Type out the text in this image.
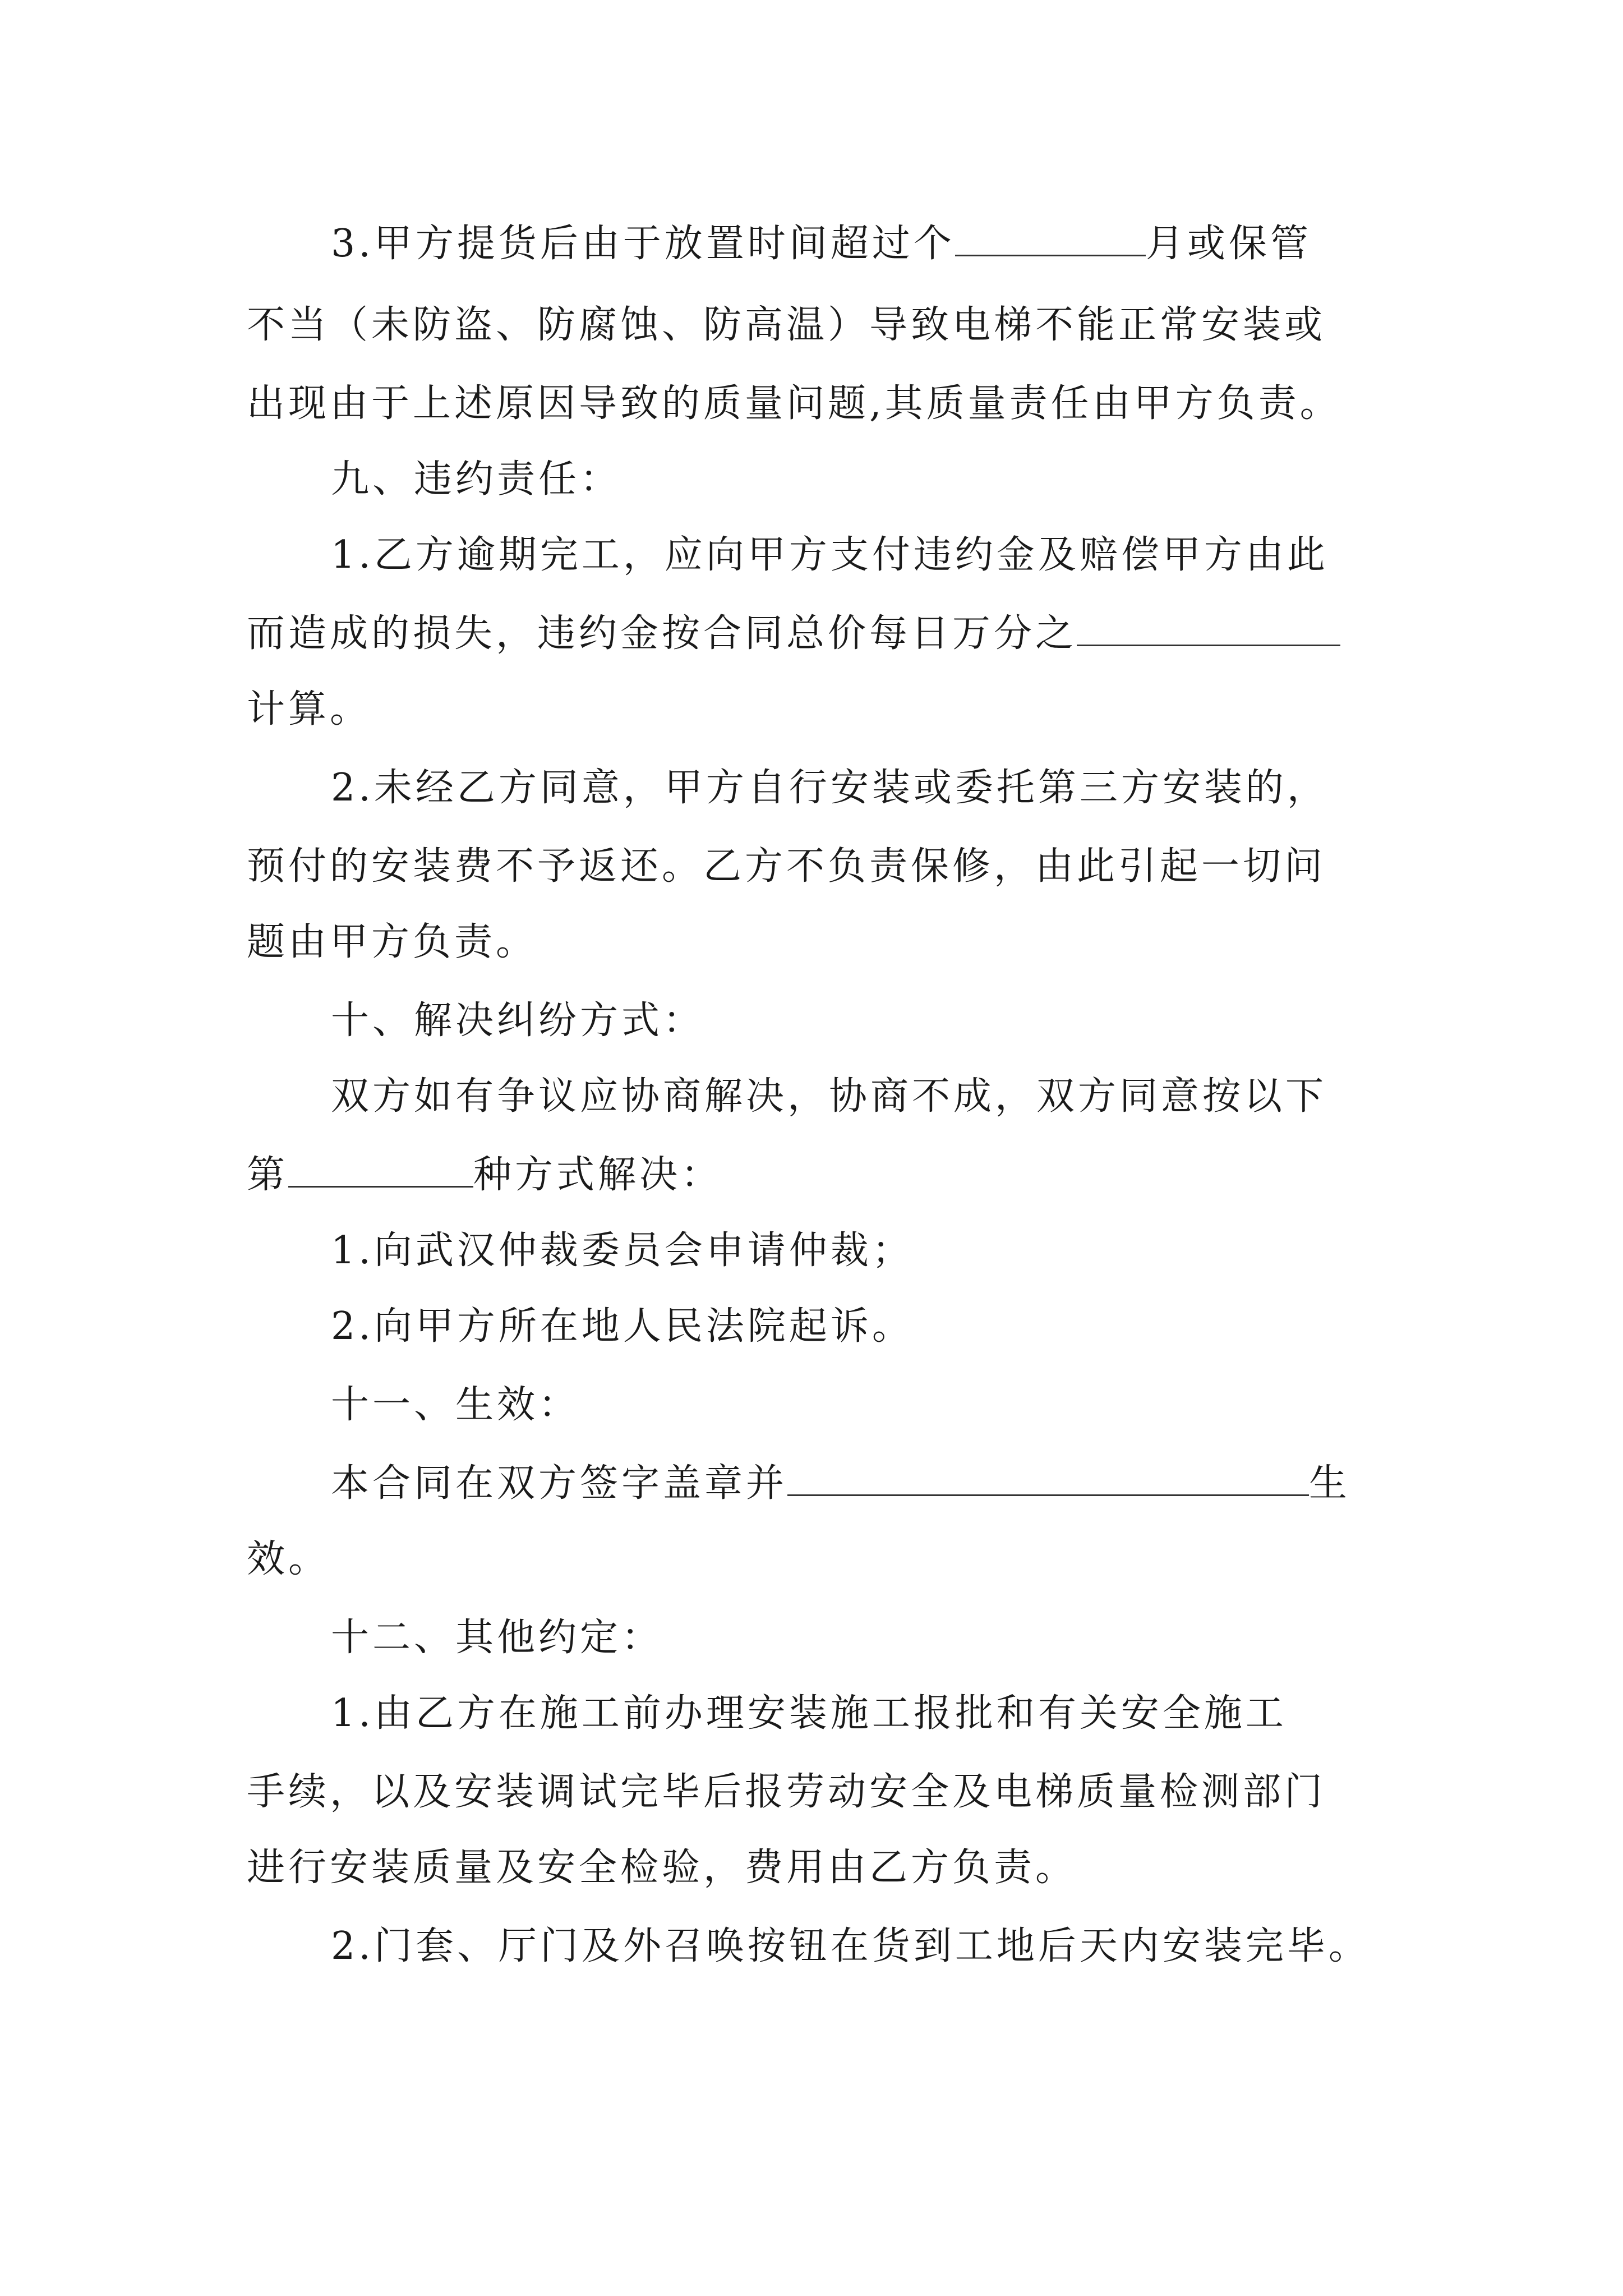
3.甲方提货后由于放置时间超过个	月或保管
不当（未防盗、防腐蚀、防高温）导致电梯不能正常安装或
出现由于上述原因导致的质量问题,其质量责任由甲方负责。
九、违约责任：
1.乙方逾期完工，应向甲方支付违约金及赔偿甲方由此
而造成的损失，违约金按合同总价每日万分之
计算。
2.未经乙方同意，甲方自行安装或委托第三方安装的，
预付的安装费不予返还。乙方不负责保修，由此引起一切问
题由甲方负责。
十、解决纠纷方式：
双方如有争议应协商解决，协商不成，双方同意按以下
第	种方式解决：
1.向武汉仲裁委员会申请仲裁；
2.向甲方所在地人民法院起诉。
十一、生效：
本合同在双方签字盖章并	生
效。
十二、其他约定：
1.由乙方在施工前办理安装施工报批和有关安全施工
手续，以及安装调试完毕后报劳动安全及电梯质量检测部门
进行安装质量及安全检验，费用由乙方负责。
2.门套、厅门及外召唤按钮在货到工地后天内安装完毕。
